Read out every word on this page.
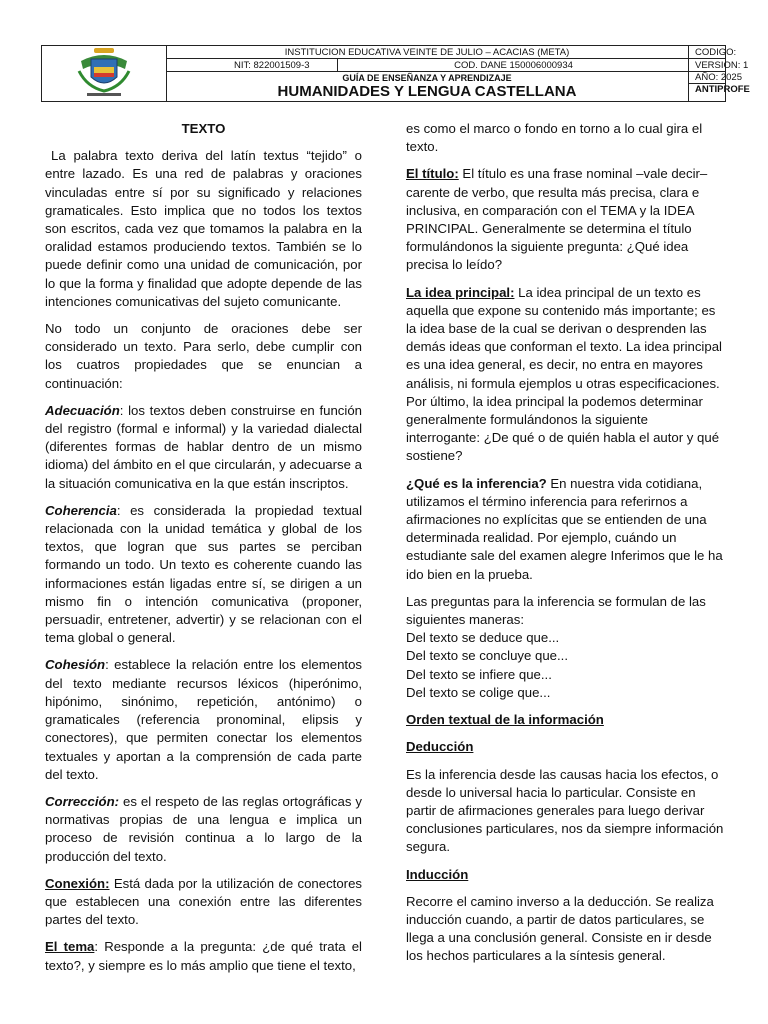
INSTITUCION EDUCATIVA VEINTE DE JULIO – ACACIAS (META)
NIT: 822001509-3	COD. DANE 150006000934
GUÍA DE ENSEÑANZA Y APRENDIZAJE
HUMANIDADES Y LENGUA CASTELLANA
CODIGO:
VERSION: 1
AÑO: 2025
ANTIPROFE

TEXTO

La palabra texto deriva del latín textus “tejido” o entre lazado. Es una red de palabras y oraciones vinculadas entre sí por su significado y relaciones gramaticales. Esto implica que no todos los textos son escritos, cada vez que tomamos la palabra en la oralidad estamos produciendo textos. También se lo puede definir como una unidad de comunicación, por lo que la forma y finalidad que adopte depende de las intenciones comunicativas del sujeto comunicante.

No todo un conjunto de oraciones debe ser considerado un texto. Para serlo, debe cumplir con los cuatros propiedades que se enuncian a continuación:

Adecuación: los textos deben construirse en función del registro (formal e informal) y la variedad dialectal (diferentes formas de hablar dentro de un mismo idioma) del ámbito en el que circularán, y adecuarse a la situación comunicativa en la que están inscriptos.

Coherencia: es considerada la propiedad textual relacionada con la unidad temática y global de los textos, que logran que sus partes se perciban formando un todo. Un texto es coherente cuando las informaciones están ligadas entre sí, se dirigen a un mismo fin o intención comunicativa (proponer, persuadir, entretener, advertir) y se relacionan con el tema global o general.

Cohesión: establece la relación entre los elementos del texto mediante recursos léxicos (hiperónimo, hipónimo, sinónimo, repetición, antónimo) o gramaticales (referencia pronominal, elipsis y conectores), que permiten conectar los elementos textuales y aportan a la comprensión de cada parte del texto.

Corrección: es el respeto de las reglas ortográficas y normativas propias de una lengua e implica un proceso de revisión continua a lo largo de la producción del texto.

Conexión: Está dada por la utilización de conectores que establecen una conexión entre las diferentes partes del texto.

El tema: Responde a la pregunta: ¿de qué trata el texto?, y siempre es lo más amplio que tiene el texto,

es como el marco o fondo en torno a lo cual gira el texto.

El título: El título es una frase nominal –vale decir– carente de verbo, que resulta más precisa, clara e inclusiva, en comparación con el TEMA y la IDEA PRINCIPAL. Generalmente se determina el título formulándonos la siguiente pregunta: ¿Qué idea precisa lo leído?

La idea principal: La idea principal de un texto es aquella que expone su contenido más importante; es la idea base de la cual se derivan o desprenden las demás ideas que conforman el texto. La idea principal es una idea general, es decir, no entra en mayores análisis, ni formula ejemplos u otras especificaciones. Por último, la idea principal la podemos determinar generalmente formulándonos la siguiente interrogante: ¿De qué o de quién habla el autor y qué sostiene?

¿Qué es la inferencia? En nuestra vida cotidiana, utilizamos el término inferencia para referirnos a afirmaciones no explícitas que se entienden de una determinada realidad. Por ejemplo, cuándo un estudiante sale del examen alegre Inferimos que le ha ido bien en la prueba.

Las preguntas para la inferencia se formulan de las siguientes maneras:
Del texto se deduce que...
Del texto se concluye que...
Del texto se infiere que...
Del texto se colige que...

Orden textual de la información

Deducción

Es la inferencia desde las causas hacia los efectos, o desde lo universal hacia lo particular. Consiste en partir de afirmaciones generales para luego derivar conclusiones particulares, nos da siempre información segura.

Inducción

Recorre el camino inverso a la deducción. Se realiza inducción cuando, a partir de datos particulares, se llega a una conclusión general. Consiste en ir desde los hechos particulares a la síntesis general.
